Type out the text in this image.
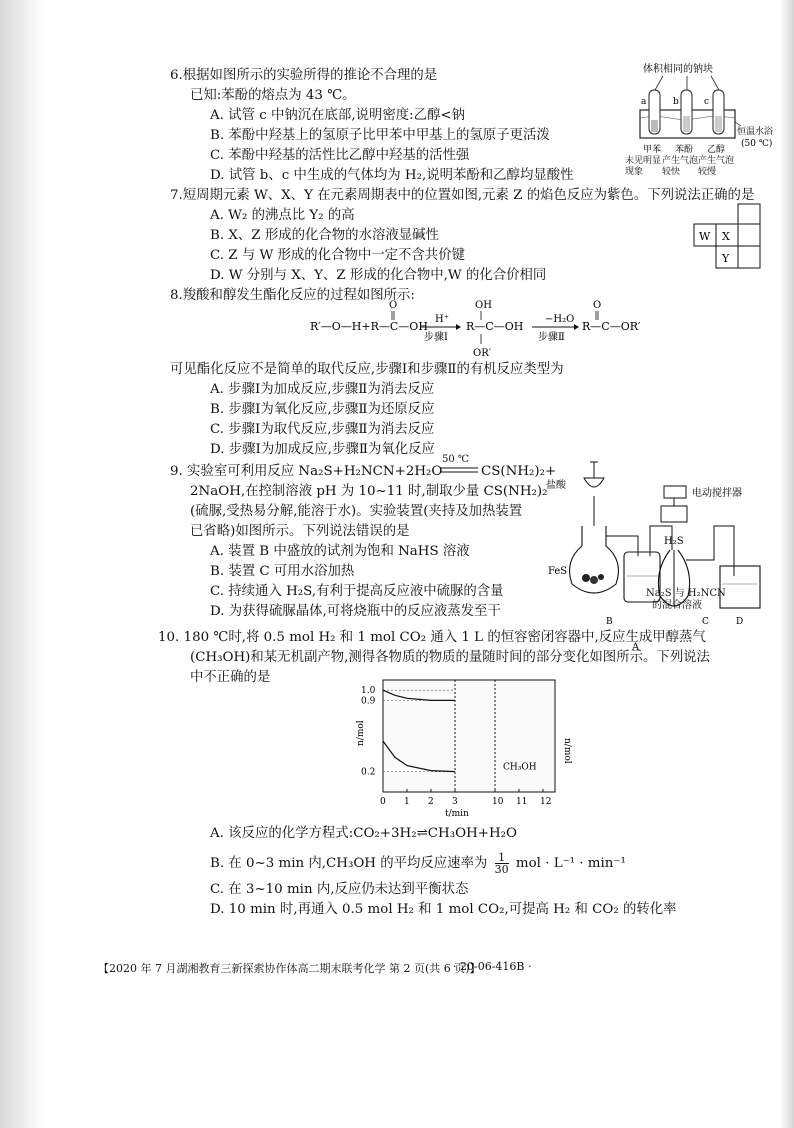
6.根据如图所示的实验所得的推论不合理的是
已知:苯酚的熔点为 43 ℃。
A. 试管 c 中钠沉在底部,说明密度:乙醇<钠
B. 苯酚中羟基上的氢原子比甲苯中甲基上的氢原子更活泼
C. 苯酚中羟基的活性比乙醇中羟基的活性强
D. 试管 b、c 中生成的气体均为 H₂,说明苯酚和乙醇均显酸性
体积相同的钠块
a	b	c
恒温水浴
(50 ℃)
甲苯 苯酚 乙醇
未见明显现象
产生气泡较快
产生气泡较慢
7.短周期元素 W、X、Y 在元素周期表中的位置如图,元素 Z 的焰色反应为紫色。下列说法正确的是
A. W₂ 的沸点比 Y₂ 的高
B. X、Z 形成的化合物的水溶液显碱性
C. Z 与 W 形成的化合物中一定不含共价键
D. W 分别与 X、Y、Z 形成的化合物中,W 的化合价相同
W X
Y
8.羧酸和醇发生酯化反应的过程如图所示:
R′—O—H+R—C—OH
O
H⁺
步骤Ⅰ
OH
R—C—OH
OR′
−H₂O
步骤Ⅱ
R—C—OR′
O
可见酯化反应不是简单的取代反应,步骤Ⅰ和步骤Ⅱ的有机反应类型为
A. 步骤Ⅰ为加成反应,步骤Ⅱ为消去反应
B. 步骤Ⅰ为氧化反应,步骤Ⅱ为还原反应
C. 步骤Ⅰ为取代反应,步骤Ⅱ为消去反应
D. 步骤Ⅰ为加成反应,步骤Ⅱ为氧化反应
9. 实验室可利用反应 Na₂S+H₂NCN+2H₂O
50 ℃
CS(NH₂)₂+
2NaOH,在控制溶液 pH 为 10~11 时,制取少量 CS(NH₂)₂
(硫脲,受热易分解,能溶于水)。实验装置(夹持及加热装置
已省略)如图所示。下列说法错误的是
A. 装置 B 中盛放的试剂为饱和 NaHS 溶液
B. 装置 C 可用水浴加热
C. 持续通入 H₂S,有利于提高反应液中硫脲的含量
D. 为获得硫脲晶体,可将烧瓶中的反应液蒸发至干
盐酸
FeS
H₂S
电动搅拌器
A
B	C	D
Na₂S 与 H₂NCN
的混合溶液
10. 180 ℃时,将 0.5 mol H₂ 和 1 mol CO₂ 通入 1 L 的恒容密闭容器中,反应生成甲醇蒸气
(CH₃OH)和某无机副产物,测得各物质的物质的量随时间的部分变化如图所示。下列说法
中不正确的是
0 1 2 3	10 11 12
1.0
0.9
0.2
n/mol
n/mol
t/min
CH₃OH
A. 该反应的化学方程式:CO₂+3H₂⇌CH₃OH+H₂O
B. 在 0~3 min 内,CH₃OH 的平均反应速率为 $\frac{1}{30}$ mol · L⁻¹ · min⁻¹
C. 在 3~10 min 内,反应仍未达到平衡状态
D. 10 min 时,再通入 0.5 mol H₂ 和 1 mol CO₂,可提高 H₂ 和 CO₂ 的转化率
【2020 年 7 月湖湘教育三新探索协作体高二期末联考化学 第 2 页(共 6 页)】
· 20-06-416B ·
